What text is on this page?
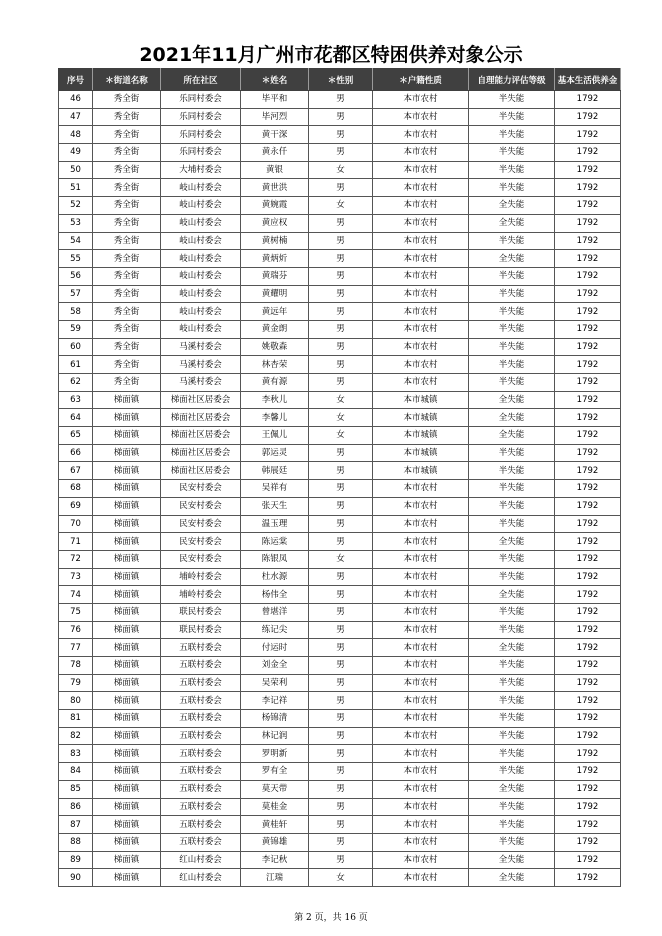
2021年11月广州市花都区特困供养对象公示
序号	＊街道名称	所在社区	＊姓名	＊性别	＊户籍性质	自理能力评估等级	基本生活供养金
46	秀全街	乐同村委会	毕平和	男	本市农村	半失能	1792
47	秀全街	乐同村委会	毕河烈	男	本市农村	半失能	1792
48	秀全街	乐同村委会	黄干深	男	本市农村	半失能	1792
49	秀全街	乐同村委会	黄永仟	男	本市农村	半失能	1792
50	秀全街	大埔村委会	黄银	女	本市农村	半失能	1792
51	秀全街	岐山村委会	黄世洪	男	本市农村	半失能	1792
52	秀全街	岐山村委会	黄婉霞	女	本市农村	全失能	1792
53	秀全街	岐山村委会	黄应权	男	本市农村	全失能	1792
54	秀全街	岐山村委会	黄树楠	男	本市农村	半失能	1792
55	秀全街	岐山村委会	黄炳炘	男	本市农村	全失能	1792
56	秀全街	岐山村委会	黄瑞芬	男	本市农村	半失能	1792
57	秀全街	岐山村委会	黄耀明	男	本市农村	半失能	1792
58	秀全街	岐山村委会	黄远年	男	本市农村	半失能	1792
59	秀全街	岐山村委会	黄金朗	男	本市农村	半失能	1792
60	秀全街	马溪村委会	姚敬森	男	本市农村	半失能	1792
61	秀全街	马溪村委会	林杏荣	男	本市农村	半失能	1792
62	秀全街	马溪村委会	黄有源	男	本市农村	半失能	1792
63	梯面镇	梯面社区居委会	李秋儿	女	本市城镇	全失能	1792
64	梯面镇	梯面社区居委会	李馨儿	女	本市城镇	全失能	1792
65	梯面镇	梯面社区居委会	王佩儿	女	本市城镇	全失能	1792
66	梯面镇	梯面社区居委会	郭运灵	男	本市城镇	半失能	1792
67	梯面镇	梯面社区居委会	韩展廷	男	本市城镇	半失能	1792
68	梯面镇	民安村委会	吴祥有	男	本市农村	半失能	1792
69	梯面镇	民安村委会	张天生	男	本市农村	半失能	1792
70	梯面镇	民安村委会	温玉理	男	本市农村	半失能	1792
71	梯面镇	民安村委会	陈运棠	男	本市农村	全失能	1792
72	梯面镇	民安村委会	陈银凤	女	本市农村	半失能	1792
73	梯面镇	埔岭村委会	杜水源	男	本市农村	半失能	1792
74	梯面镇	埔岭村委会	杨伟全	男	本市农村	全失能	1792
75	梯面镇	联民村委会	曾堪洋	男	本市农村	半失能	1792
76	梯面镇	联民村委会	练记尖	男	本市农村	半失能	1792
77	梯面镇	五联村委会	付运时	男	本市农村	全失能	1792
78	梯面镇	五联村委会	刘金全	男	本市农村	半失能	1792
79	梯面镇	五联村委会	吴荣利	男	本市农村	半失能	1792
80	梯面镇	五联村委会	李记祥	男	本市农村	半失能	1792
81	梯面镇	五联村委会	杨锦清	男	本市农村	半失能	1792
82	梯面镇	五联村委会	林记润	男	本市农村	半失能	1792
83	梯面镇	五联村委会	罗明新	男	本市农村	半失能	1792
84	梯面镇	五联村委会	罗有全	男	本市农村	半失能	1792
85	梯面镇	五联村委会	莫天带	男	本市农村	全失能	1792
86	梯面镇	五联村委会	莫桂金	男	本市农村	半失能	1792
87	梯面镇	五联村委会	黄桂轩	男	本市农村	半失能	1792
88	梯面镇	五联村委会	黄锦雄	男	本市农村	半失能	1792
89	梯面镇	红山村委会	李记秋	男	本市农村	全失能	1792
90	梯面镇	红山村委会	江瑞	女	本市农村	全失能	1792
第 2 页，共 16 页
